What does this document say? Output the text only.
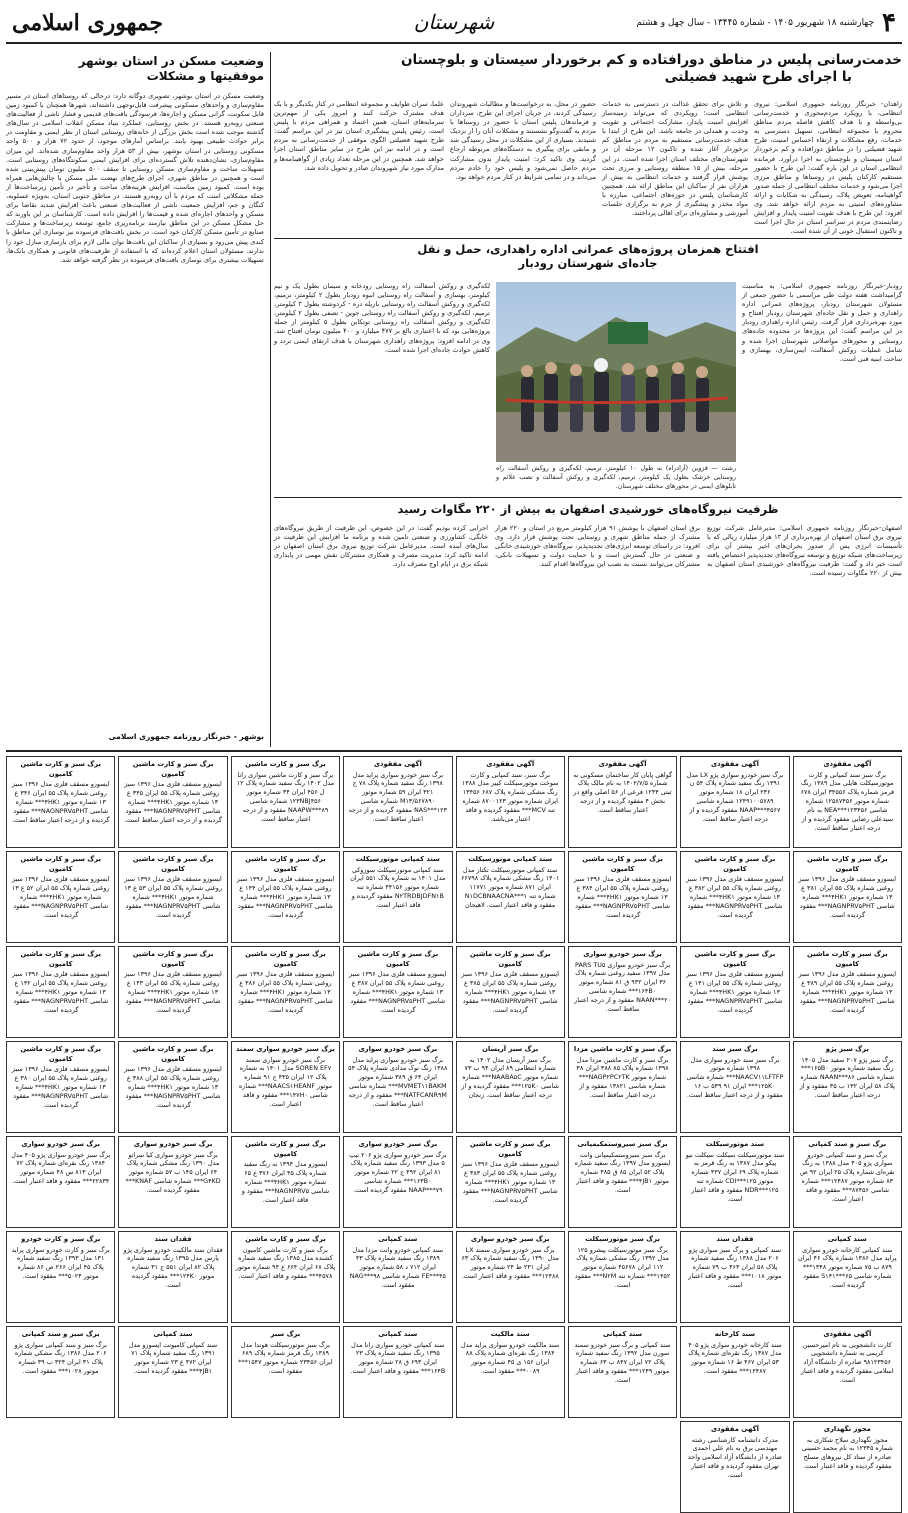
جمهوری اسلامی	شهرستان	۴
چهارشنبه ۱۸ شهریور ۱۴۰۵ - شماره ۱۳۴۴۵ - سال چهل و هشتم
خدمت‌رسانی پلیس در مناطق دورافتاده و کم برخوردار سیستان و بلوچستان
با اجرای طرح شهید فضیلتی
زاهدان- خبرنگار روزنامه جمهوری اسلامی: نیروی انتظامی، با رویکرد مردم‌محوری و خدمت‌رسانی بی‌واسطه و با هدف کاهش فاصله مردم مناطق محروم با مجموعه انتظامی، تسهیل دسترسی به خدمات، رفع مشکلات و ارتقاء احساس امنیت، طرح شهید فضیلتی را در مناطق دورافتاده و کم برخوردار استان سیستان و بلوچستان به اجرا درآورد. فرمانده انتظامی استان در این باره گفت: این طرح با حضور مستقیم کارکنان پلیس در روستاها و مناطق مرزی اجرا می‌شود و خدمات مختلف انتظامی از جمله صدور گواهینامه، تعویض پلاک، رسیدگی به شکایات و ارائه مشاوره‌های امنیتی به مردم ارائه خواهد شد. وی افزود: این طرح با هدف تقویت امنیت پایدار و افزایش رضایتمندی مردم در سراسر استان در حال اجرا است و تاکنون استقبال خوبی از آن شده است.
و تلاش برای تحقق عدالت در دسترسی به خدمات انتظامی است؛ رویکردی که می‌تواند زمینه‌ساز افزایش امنیت پایدار، مشارکت اجتماعی و تقویت وحدت و همدلی در جامعه باشد. این طرح از ابتدا با هدف خدمت‌رسانی مستقیم به مردم در مناطق کم برخوردار آغاز شده و تاکنون ۱۲ مرحله آن در شهرستان‌های مختلف استان اجرا شده است. در این مرحله، بیش از ۱۵ منطقه روستایی و مرزی تحت پوشش قرار گرفتند و خدمات انتظامی به بیش از هزاران نفر از ساکنان این مناطق ارائه شد. همچنین کارشناسان پلیس در حوزه‌های اجتماعی، مبارزه با مواد مخدر و پیشگیری از جرم به برگزاری جلسات آموزشی و مشاوره‌ای برای اهالی پرداختند.
حضور در محل، به درخواست‌ها و مطالبات شهروندان رسیدگی کردند. در جریان اجرای این طرح، سرداران و فرماندهان پلیس استان با حضور در روستاها با مردم به گفت‌وگو نشستند و مشکلات آنان را از نزدیک شنیدند. بسیاری از این مشکلات در محل رسیدگی شد و مابقی برای پیگیری به دستگاه‌های مربوطه ارجاع گردید. وی تاکید کرد: امنیت پایدار بدون مشارکت مردم حاصل نمی‌شود و پلیس خود را خادم مردم می‌داند و در تمامی شرایط در کنار مردم خواهد بود.
علما، سران طوایف و مجموعه انتظامی در کنار یکدیگر و با یک هدف مشترک حرکت کنند و امروز یکی از مهم‌ترین سرمایه‌های استان، همین اعتماد و همراهی مردم با پلیس است. رئیس پلیس پیشگیری استان نیز در این مراسم گفت: طرح شهید فضیلتی الگوی موفقی از خدمت‌رسانی به مردم است و در ادامه نیز این طرح در سایر مناطق استان اجرا خواهد شد. همچنین در این مرحله تعداد زیادی از گواهینامه‌ها و مدارک مورد نیاز شهروندان صادر و تحویل داده شد.
افتتاح همزمان پروژه‌های عمرانی اداره راهداری، حمل و نقل
جاده‌ای شهرستان رودبار
رودبار-خبرنگار روزنامه جمهوری اسلامی: به مناسبت گرامیداشت هفته دولت طی مراسمی با حضور جمعی از مسئولان شهرستان رودبار، پروژه‌های عمرانی اداره راهداری و حمل و نقل جاده‌ای شهرستان رودبار افتتاح و مورد بهره‌برداری قرار گرفت. رئیس اداره راهداری رودبار در این مراسم گفت: این پروژه‌ها در محدوده جاده‌های روستایی و محورهای مواصلاتی شهرستان اجرا شده و شامل عملیات روکش آسفالت، ایمن‌سازی، بهسازی و ساخت ابنیه فنی است.
رشت — قزوین (آزادراه) به طول ۱۰ کیلومتر، ترمیم، لکه‌گیری و روکش آسفالت راه روستایی خرشک بطول یک کیلومتر، ترمیم، لکه‌گیری و روکش آسفالت و نصب علائم و تابلوهای ایمنی در محورهای مختلف شهرستان.
لکه‌گیری و روکش آسفالت راه روستایی رودخانه و سیمان بطول یک و نیم کیلومتر، بهسازی و آسفالت راه روستایی انبوه رودبار بطول ۲ کیلومتر، ترمیم، لکه‌گیری و روکش آسفالت راه روستایی بازیله دره - کردوشته بطول ۳ کیلومتر، ترمیم، لکه‌گیری و روکش آسفالت راه روستایی جوین - نصفی بطول ۲ کیلومتر، لکه‌گیری و روکش آسفالت راه روستایی توتکابن بطول ۵ کیلومتر از جمله پروژه‌هایی بود که با اعتباری بالغ بر ۴۷۷ میلیارد و ۴۰۰ میلیون تومان افتتاح شد. وی در ادامه افزود: پروژه‌های راهداری شهرستان با هدف ارتقای ایمنی تردد و کاهش حوادث جاده‌ای اجرا شده است.
ظرفیت نیروگاه‌های خورشیدی اصفهان به بیش از ۲۲۰ مگاوات رسید
اصفهان-خبرنگار روزنامه جمهوری اسلامی: مدیرعامل شرکت توزیع نیروی برق استان اصفهان از بهره‌برداری از ۱۳ هزار میلیارد ریالی که با تأسیسات انرژی پس از صدور بحران‌های اخیر بیشتر آن برای زیرساخت‌های شبکه توزیع و توسعه نیروگاه‌های تجدیدپذیر اختصاص یافته است خبر داد و گفت: ظرفیت نیروگاه‌های خورشیدی استان اصفهان به بیش از ۲۲۰ مگاوات رسیده است.
برق استان اصفهان با پوشش ۹۱ هزار کیلومتر مربع در استان و ۲۲۰ هزار مشترک از جمله مناطق شهری و روستایی تحت پوشش قرار دارد. وی افزود: در راستای توسعه انرژی‌های تجدیدپذیر، نیروگاه‌های خورشیدی خانگی و صنعتی در حال گسترش است و با حمایت دولت و تسهیلات بانکی، مشترکان می‌توانند نسبت به نصب این نیروگاه‌ها اقدام کنند.
اجرایی کرده بودیم گفت: در این خصوص، این ظرفیت از طریق نیروگاه‌های خانگی، کشاورزی و صنعتی تامین شده و برنامه ما افزایش این ظرفیت در سال‌های آینده است. مدیرعامل شرکت توزیع نیروی برق استان اصفهان در ادامه تاکید کرد: مدیریت مصرف و همکاری مشترکان نقش مهمی در پایداری شبکه برق در ایام اوج مصرف دارد.
وضعیت مسکن در استان بوشهر
موفقیتها و مشکلات
وضعیت مسکن در استان بوشهر، تصویری دوگانه دارد: درحالی که روستاهای استان در مسیر مقاوم‌سازی و واحدهای مسکونی پیشرفت قابل‌توجهی داشته‌اند، شهرها همچنان با کمبود زمین قابل سکونت، گرانی مسکن و اجاره‌ها، فرسودگی بافت‌های قدیمی و فشار ناشی از فعالیت‌های صنعتی روبه‌رو هستند. در بخش روستایی، عملکرد بنیاد مسکن انقلاب اسلامی در سال‌های گذشته موجب شده است بخش بزرگی از خانه‌های روستایی استان از نظر ایمنی و مقاومت در برابر حوادث طبیعی بهبود یابند. براساس آمارهای موجود، از حدود ۷۲ هزار و ۵۰۰ واحد مسکونی روستایی در استان بوشهر، بیش از ۵۳ هزار واحد مقاوم‌سازی شده‌اند. این میزان مقاوم‌سازی، نشان‌دهنده تلاش گسترده‌ای برای افزایش ایمنی سکونتگاه‌های روستایی است. تسهیلات ساخت و مقاوم‌سازی مسکن روستایی تا سقف ۵۰۰ میلیون تومان پیش‌بینی شده است و همچنین در مناطق شهری، اجرای طرح‌های نهضت ملی مسکن با چالش‌هایی همراه بوده است. کمبود زمین مناسب، افزایش هزینه‌های ساخت و تأخیر در تأمین زیرساخت‌ها از جمله مشکلاتی است که مردم با آن روبه‌رو هستند. در مناطق جنوبی استان، به‌ویژه عسلویه، کنگان و جم، افزایش جمعیت ناشی از فعالیت‌های صنعتی باعث افزایش شدید تقاضا برای مسکن و واحدهای اجاره‌ای شده و قیمت‌ها را افزایش داده است. کارشناسان بر این باورند که حل مشکل مسکن در این مناطق نیازمند برنامه‌ریزی جامع، توسعه زیرساخت‌ها و مشارکت صنایع در تأمین مسکن کارکنان خود است. در بخش بافت‌های فرسوده نیز نوسازی این مناطق با کندی پیش می‌رود و بسیاری از ساکنان این بافت‌ها توان مالی لازم برای بازسازی منازل خود را ندارند. مسئولان استان اعلام کرده‌اند که با استفاده از ظرفیت‌های قانونی و همکاری بانک‌ها، تسهیلات بیشتری برای نوسازی بافت‌های فرسوده در نظر گرفته خواهد شد.
بوشهر - خبرنگار روزنامه جمهوری اسلامی
آگهی مفقودی
برگ سبز سند کمپانی و کارت موتورسیکلت هایلی مدل ۱۳۸۹ رنگ قرمز شماره پلاک ۳۴۵۵۶ ایران ۶۷۸ شماره موتور ۱۲۵۸۷۴۵۶ شماره شاسی NEA***۱۲۳۴۵۶ به نام سیدعلی رضایی مفقود گردیده و از درجه اعتبار ساقط است.
آگهی مفقودی
برگ سبز خودرو سواری پژو LX مدل ۱۳۹۱ رنگ سفید شماره پلاک ۵۴ ن ۲۳۶ ایران ۱۸ شماره موتور ۱۲۴۹۱۰۰۵۷۸۹ شماره شاسی NAAP***۴۵۶۷ مفقود گردیده و از درجه اعتبار ساقط است.
آگهی مفقودی
گواهی پایان کار ساختمان مسکونی به شماره ۱۴۰۲/۷/۵ به نام مالک پلاک ثبتی ۱۲۳۴ فرعی از ۵۶ اصلی واقع در بخش ۴ مفقود گردیده و از درجه اعتبار ساقط است.
آگهی مفقودی
برگ سبز، سند کمپانی و کارت سوخت موتورسیکلت کبیر مدل ۱۳۸۸ رنگ مشکی شماره پلاک ۶۸۷ ۱۳۴۵۶ ایران شماره موتور ۸۷۰۰۱۲۳ شماره تنه MCV*** مفقود گردیده و فاقد اعتبار می‌باشد.
آگهی مفقودی
برگ سبز خودرو سواری پراید مدل ۱۳۹۸ رنگ سفید شماره پلاک ۷۸ ج ۳۲۱ ایران ۵۹ شماره موتور M۱۳/۵۶۷۸۹۰ شماره شاسی NAS***۱۲۳ مفقود گردیده و از درجه اعتبار ساقط است.
برگ سبز و کارت ماشین
برگ سبز و کارت ماشین سواری رانا مدل ۱۴۰۲ رنگ سفید شماره پلاک ۱۲ ل ۴۵۶ ایران ۳۴ شماره موتور ۱۲۳NBJ۴۵۶ شماره شاسی NAAPW***۸۹ مفقود و از درجه اعتبار ساقط است.
برگ سبز و کارت ماشین کامیون
ایسوزو مسقف فلزی مدل ۱۳۹۶ سبز روغنی شماره پلاک ۵۵ ایران ۳۴۵ ع ۱۳ شماره موتور ۴HK۱*** شماره شاسی NAGNPRV۵PHT*** مفقود گردیده و از درجه اعتبار ساقط است.
برگ سبز و کارت ماشین کامیون
ایسوزو مسقف فلزی مدل ۱۳۹۶ سبز روغنی شماره پلاک ۵۵ ایران ۳۴۶ ع ۱۳ شماره موتور ۴HK۱*** شماره شاسی NAGNPRV۵PHT*** مفقود گردیده و از درجه اعتبار ساقط است.
برگ سبز و کارت ماشین کامیون
ایسوزو مسقف فلزی مدل ۱۳۹۶ سبز روغنی شماره پلاک ۵۵ ایران ۳۸۱ ع ۱۳ شماره موتور ۴HK۱*** شماره شاسی NAGNPRV۵PHT*** مفقود گردیده است.
برگ سبز و کارت ماشین کامیون
ایسوزو مسقف فلزی مدل ۱۳۹۶ سبز روغنی شماره پلاک ۵۵ ایران ۳۸۲ ع ۱۳ شماره موتور ۴HK۱*** شماره شاسی NAGNPRV۵PHT*** مفقود گردیده است.
برگ سبز و کارت ماشین کامیون
ایسوزو مسقف فلزی مدل ۱۳۹۶ سبز روغنی شماره پلاک ۵۵ ایران ۳۸۴ ع ۱۳ شماره موتور ۴HK۱*** شماره شاسی NAGNPRV۵PHT*** مفقود گردیده است.
سند کمپانی موتورسیکلت
سند کمپانی موتورسیکلت تکتاز مدل ۱۴۰۱ رنگ مشکی شماره پلاک ۶۶۷۹۸ ایران ۸۷۱ شماره موتور ۱۱۷۷۱ شماره تنه N۱DCBNAACNA***۱ مفقود و فاقد اعتبار است. لاهیجان
سند کمپانی موتورسیکلت
سند کمپانی موتورسیکلت سوزوکی مدل ۱۴۰۱ به شماره پلاک ۵۵۱ ایران شماره موتور ۴۴۱۵۶ شماره تنه N۲TRDBJDFN۱B مفقود گردیده و فاقد اعتبار است.
برگ سبز و کارت ماشین کامیون
ایسوزو مسقف فلزی مدل ۱۳۹۶ سبز روغنی شماره پلاک ۵۵ ایران ۱۴۴ ع ۱۳ شماره موتور ۴HK۱*** شماره شاسی NAGNPRV۵PHT*** مفقود گردیده است.
برگ سبز و کارت ماشین کامیون
ایسوزو مسقف فلزی مدل ۱۳۹۶ سبز روغنی شماره پلاک ۵۵ ایران ۵۳ ع ۱۳ شماره موتور ۴HK۱*** شماره شاسی NAGNPRV۵PHT*** مفقود گردیده است.
برگ سبز و کارت ماشین کامیون
ایسوزو مسقف فلزی مدل ۱۳۹۶ سبز روغنی شماره پلاک ۵۵ ایران ۵۲ ع ۱۳ شماره موتور ۴HK۱*** شماره شاسی NAGNPRV۵PHT*** مفقود گردیده است.
برگ سبز و کارت ماشین کامیون
ایسوزو مسقف فلزی مدل ۱۳۹۶ سبز روغنی شماره پلاک ۵۵ ایران ۳۸۹ ع ۱۳ شماره موتور ۴HK۱*** شماره شاسی NAGNPRV۵PHT*** مفقود گردیده است.
برگ سبز و کارت ماشین کامیون
ایسوزو مسقف فلزی مدل ۱۳۹۶ سبز روغنی شماره پلاک ۵۵ ایران ۱۴۱ ع ۱۳ شماره موتور ۴HK۱*** شماره شاسی NAGNPRV۵PHT*** مفقود گردیده است.
برگ سبز خودرو سواری
برگ سبز خودرو سواری PARS TU۵ مدل ۱۳۹۷ سفید روغنی شماره پلاک ۳۶ ایران ۹۳۲ ق ۸۱ شماره موتور ۱۶۴B۰*** شماره شاسی NAAN***۲۰ مفقود و از درجه اعتبار ساقط است.
برگ سبز و کارت ماشین کامیون
ایسوزو مسقف فلزی مدل ۱۳۹۶ سبز روغنی شماره پلاک ۵۵ ایران ۳۸۵ ع ۱۳ شماره موتور ۴HK۱*** شماره شاسی NAGNPRV۵PHT*** مفقود گردیده است.
برگ سبز و کارت ماشین کامیون
ایسوزو مسقف فلزی مدل ۱۳۹۶ سبز روغنی شماره پلاک ۵۵ ایران ۳۸۷ ع ۱۳ شماره موتور ۴HK۱*** شماره شاسی NAGNPRV۵PHT*** مفقود گردیده است.
برگ سبز و کارت ماشین کامیون
ایسوزو مسقف فلزی مدل ۱۳۹۶ سبز روغنی شماره پلاک ۵۵ ایران ۳۸۶ ع ۱۳ شماره موتور ۴HK۱*** شماره شاسی NAGNPRV۵PHT*** مفقود گردیده است.
برگ سبز و کارت ماشین کامیون
ایسوزو مسقف فلزی مدل ۱۳۹۶ سبز روغنی شماره پلاک ۵۵ ایران ۱۴۳ ع ۱۳ شماره موتور ۴HK۱*** شماره شاسی NAGNPRV۵PHT*** مفقود گردیده است.
برگ سبز و کارت ماشین کامیون
ایسوزو مسقف فلزی مدل ۱۳۹۶ سبز روغنی شماره پلاک ۵۵ ایران ۱۴۲ ع ۱۳ شماره موتور ۴HK۱*** شماره شاسی NAGNPRV۵PHT*** مفقود گردیده است.
برگ سبز پژو
برگ سبز پژو ۲۰۷ سفید مدل ۱۴۰۵ رنگ سفید شماره موتور ۱۶۵B۰*** شماره شاسی NAAN***۸۶ شماره پلاک ۵۸ ایران ۱۳۲ ب ۳۵ مفقود و از درجه اعتبار ساقط است.
برگ سبز سند
برگ سبز سند خودرو سواری مدل ۱۳۹۸ شماره موتور NAACV۱۱LFTFP*** شماره شاسی ۱۲۵K۰*** ایران ۹۱ ۵۳۹ ب ۱۶ مفقود و از درجه اعتبار ساقط است.
برگ سبز و کارت ماشین مزدا
برگ سبز و کارت ماشین مزدا مدل ۱۳۹۸ شماره پلاک ۸۵ ۳۸۸ ایران ۳۸ شماره موتور NAGP۲PC۲TK*** شماره شاسی ۱۳۸۲۱ مفقود و از درجه اعتبار ساقط است.
برگ سبز آریسان
برگ سبز آریسان مدل ۱۴۰۲ به شماره انتظامی ۸۹ ایران ۹۴ ب ۷۳ شماره موتور NAABA۵C*** شماره شاسی ۱۲۵K۰*** مفقود گردیده و از درجه اعتبار ساقط است. زنجان
برگ سبز خودرو سواری
برگ سبز خودرو سواری پراید مدل ۱۳۸۸ رنگ نوک مدادی شماره پلاک ۵۴ ایران ۶۴ ق ۳۸۹ شماره موتور MVMET۱۱BAKM*** شماره شاسی NATFCANR۹M*** مفقود و از درجه اعتبار ساقط است.
برگ سبز خودرو سواری سمند
برگ سبز خودرو سواری سمند SOREN EF۷ مدل ۱۴۰۱ به شماره پلاک ۱۲ ایران ۴۳۵ ج ۹۱ شماره موتور NAACS۱HEANF*** شماره شاسی ۱۴۷H۰*** مفقود و فاقد اعتبار است.
برگ سبز و کارت ماشین کامیون
ایسوزو مسقف فلزی مدل ۱۳۹۶ سبز روغنی شماره پلاک ۵۵ ایران ۳۸۸ ع ۱۳ شماره موتور ۴HK۱*** شماره شاسی NAGNPRV۵PHT*** مفقود گردیده است.
برگ سبز و کارت ماشین کامیون
ایسوزو مسقف فلزی مدل ۱۳۹۶ سبز روغنی شماره پلاک ۵۵ ایران ۳۸۰ ع ۱۳ شماره موتور ۴HK۱*** شماره شاسی NAGNPRV۵PHT*** مفقود گردیده است.
برگ سبز و سند کمپانی
برگ سبز و سند کمپانی خودرو سواری پژو ۴۰۵ مدل ۱۳۸۸ به رنگ نقره‌ای شماره پلاک ۲۵ ایران ۹۲ ص ۸۳ شماره موتور ۱۲۴۸۷*** شماره شاسی ۸۷۴۵۶*** مفقود و فاقد اعتبار است.
سند موتورسیکلت
سند موتورسیکلت سیکلت سیکلت نیو پیکو مدل ۱۳۸۷ به رنگ قرمز به شماره پلاک ۶۹ ایران ۴۳۷ شماره موتور CDI***۱۲۵ شماره تنه NDR***۱۲۵ مفقود و فاقد اعتبار است.
برگ سبز سیروستمکیمپانی
برگ سبز سیروستمکیمپانی وانت ایسوزو مدل ۱۳۹۷ رنگ سفید شماره پلاک ۵۲ ایران ۸۵ ق ۳۸۵ شماره موتور ۴JB۱*** مفقود و فاقد اعتبار است.
برگ سبز و کارت ماشین کامیون
ایسوزو مسقف فلزی مدل ۱۳۹۶ سبز روغنی شماره پلاک ۵۵ ایران ۳۸۳ ع ۱۳ شماره موتور ۴HK۱*** شماره شاسی NAGNPRV۵PHT*** مفقود گردیده است.
برگ سبز خودرو سواری
برگ سبز خودرو سواری پژو ۲۰۶ تیپ ۵ مدل ۱۳۹۳ رنگ سفید شماره پلاک ۸۱ ایران ۴۹۲ ج ۲۲ شماره موتور ۱۶۳B۰*** شماره شاسی NAAP***۷۹ مفقود گردیده است.
برگ سبز و کارت ماشین کامیون
ایسوزو مدل ۱۳۹۴ به رنگ سفید شماره پلاک ۴۵ ایران ۳۷۶ ع ۶۵ شماره موتور ۴HK۱*** شماره شاسی NAGNPRV۵*** مفقود و فاقد اعتبار است.
برگ سبز خودرو سواری
برگ سبز خودرو سواری کیا سراتو مدل ۱۳۹۰ رنگ مشکی شماره پلاک ۶۴ ایران ۱۴۵ ب ۵۷ شماره موتور G۴KD*** شماره شاسی KNAF*** مفقود گردیده است.
برگ سبز خودرو سواری
برگ سبز خودرو سواری پژو ۴۰۵ مدل ۱۳۸۴ رنگ نقره‌ای شماره پلاک ۷۲ ایران ۸۱۳ س ۴۸ شماره موتور ۲۲۸۳۴*** مفقود و فاقد اعتبار است.
سند کمپانی
سند کمپانی کارخانه خودرو سواری پراید مدل ۱۳۸۶ شماره پلاک ۴۶ ایران ۸۷۹ ب ۷۵ شماره موتور ۱۳۴۸*** شماره شاسی S۱۴۱***۶۵ مفقود گردیده است.
فقدان سند
سند کمپانی و برگ سبز سواری پژو ۲۰۶ مدل ۱۳۸۸ رنگ سفید شماره پلاک ۵۸ ایران ۴۶۳ ب ۷۹ شماره موتور ۱۰۱۸*** مفقود و فاقد اعتبار است.
برگ سبز موتورسیکلت
برگ سبز موتورسیکلت پیشرو ۱۲۵ مدل ۱۳۹۲ رنگ مشکی شماره پلاک ۱۱۲ ایران ۴۵۶۷۸ شماره موتور ۱۴۵۲*** شماره تنه N۲M*** مفقود است.
برگ سبز خودرو سواری
برگ سبز خودرو سواری سمند LX مدل ۱۳۹۰ رنگ سفید شماره پلاک ۶۳ ایران ۲۳۱ ط ۲۴ شماره موتور ۱۲۴۸۸*** مفقود و فاقد اعتبار است.
سند کمپانی
سند کمپانی خودرو وانت مزدا مدل ۱۳۸۹ رنگ سفید شماره پلاک ۴۳ ایران ۷۱۲ د ۵۸ شماره موتور FE***۴۵ شماره شاسی NAG***۹۸ مفقود است.
برگ سبز و کارت ماشین
برگ سبز و کارت ماشین کامیون کشنده مدل ۱۳۸۵ رنگ سفید شماره پلاک ۶۸ ایران ۶۶۴ ع ۹۴ شماره موتور ۴۵۷۸*** مفقود و فاقد اعتبار است.
فقدان سند
فقدان سند مالکیت خودرو سواری پژو پارس مدل ۱۳۹۵ رنگ سفید شماره پلاک ۸۲ ایران ۵۵۱ ج ۳۱ شماره موتور ۱۲۴K۰*** مفقود گردیده است.
برگ سبز و کارت خودرو
برگ سبز و کارت خودرو سواری پراید ۱۳۱ مدل ۱۳۹۳ رنگ سفید شماره پلاک ۴۵ ایران ۲۶۶ ص ۸۶ شماره موتور ۵۰۲۴*** مفقود است.
آگهی مفقودی
کارت دانشجویی به نام امیرحسین کریمی به شماره دانشجویی ۹۸۱۲۳۴۵۶ صادره از دانشگاه آزاد اسلامی مفقود گردیده و فاقد اعتبار است.
سند کارخانه
سند کارخانه خودرو سواری پژو ۴۰۵ مدل ۱۳۸۷ رنگ نقره‌ای شماره پلاک ۵۳ ایران ۴۶۷ ط ۱۶ شماره موتور ۱۲۴۸۷*** مفقود است.
سند کمپانی
سند کمپانی و برگ سبز خودرو سمند سورن مدل ۱۳۹۲ رنگ سفید شماره پلاک ۷۲ ایران ۸۴۷ ب ۶۳ شماره موتور ۱۲۴۹*** مفقود و فاقد اعتبار است.
سند مالکیت
سند مالکیت خودرو سواری پراید مدل ۱۳۸۴ رنگ نقره‌ای شماره پلاک ۸۸ ایران ۱۵۶ ی ۴۵ شماره موتور ۰۰۸۹*** مفقود است.
سند کمپانی
سند کمپانی خودرو سواری رانا مدل ۱۳۹۵ رنگ سفید شماره پلاک ۲۳ ایران ۶۹۳ ق ۲۸ شماره موتور ۱۶۴B*** مفقود و فاقد اعتبار است.
برگ سبز
برگ سبز موتورسیکلت هوندا مدل ۱۳۸۹ رنگ قرمز شماره پلاک ۶۸۹ ایران ۲۳۴۵۶ شماره موتور ۱۵۴۷*** مفقود است.
سند کمپانی
سند کمپانی کامیونت ایسوزو مدل ۱۳۹۱ رنگ سفید شماره پلاک ۷۱ ایران ۴۷۲ ع ۲۳ شماره موتور ۴JB۱*** مفقود گردیده است.
برگ سبز و سند کمپانی
برگ سبز و سند کمپانی سواری پژو ۲۰۶ مدل ۱۳۸۶ رنگ مشکی شماره پلاک ۳۱ ایران ۳۲۴ ب ۳۹ شماره موتور ۱۰۲۸*** مفقود است.
مجوز نگهداری
مجوز نگهداری سلاح شکاری به شماره ۱۲۳۴۵ به نام محمد حسینی صادره از ستاد کل نیروهای مسلح مفقود گردیده و فاقد اعتبار است.
آگهی مفقودی
مدرک دانشنامه کارشناسی رشته مهندسی برق به نام علی احمدی صادره از دانشگاه آزاد اسلامی واحد تهران مفقود گردیده و فاقد اعتبار است.
